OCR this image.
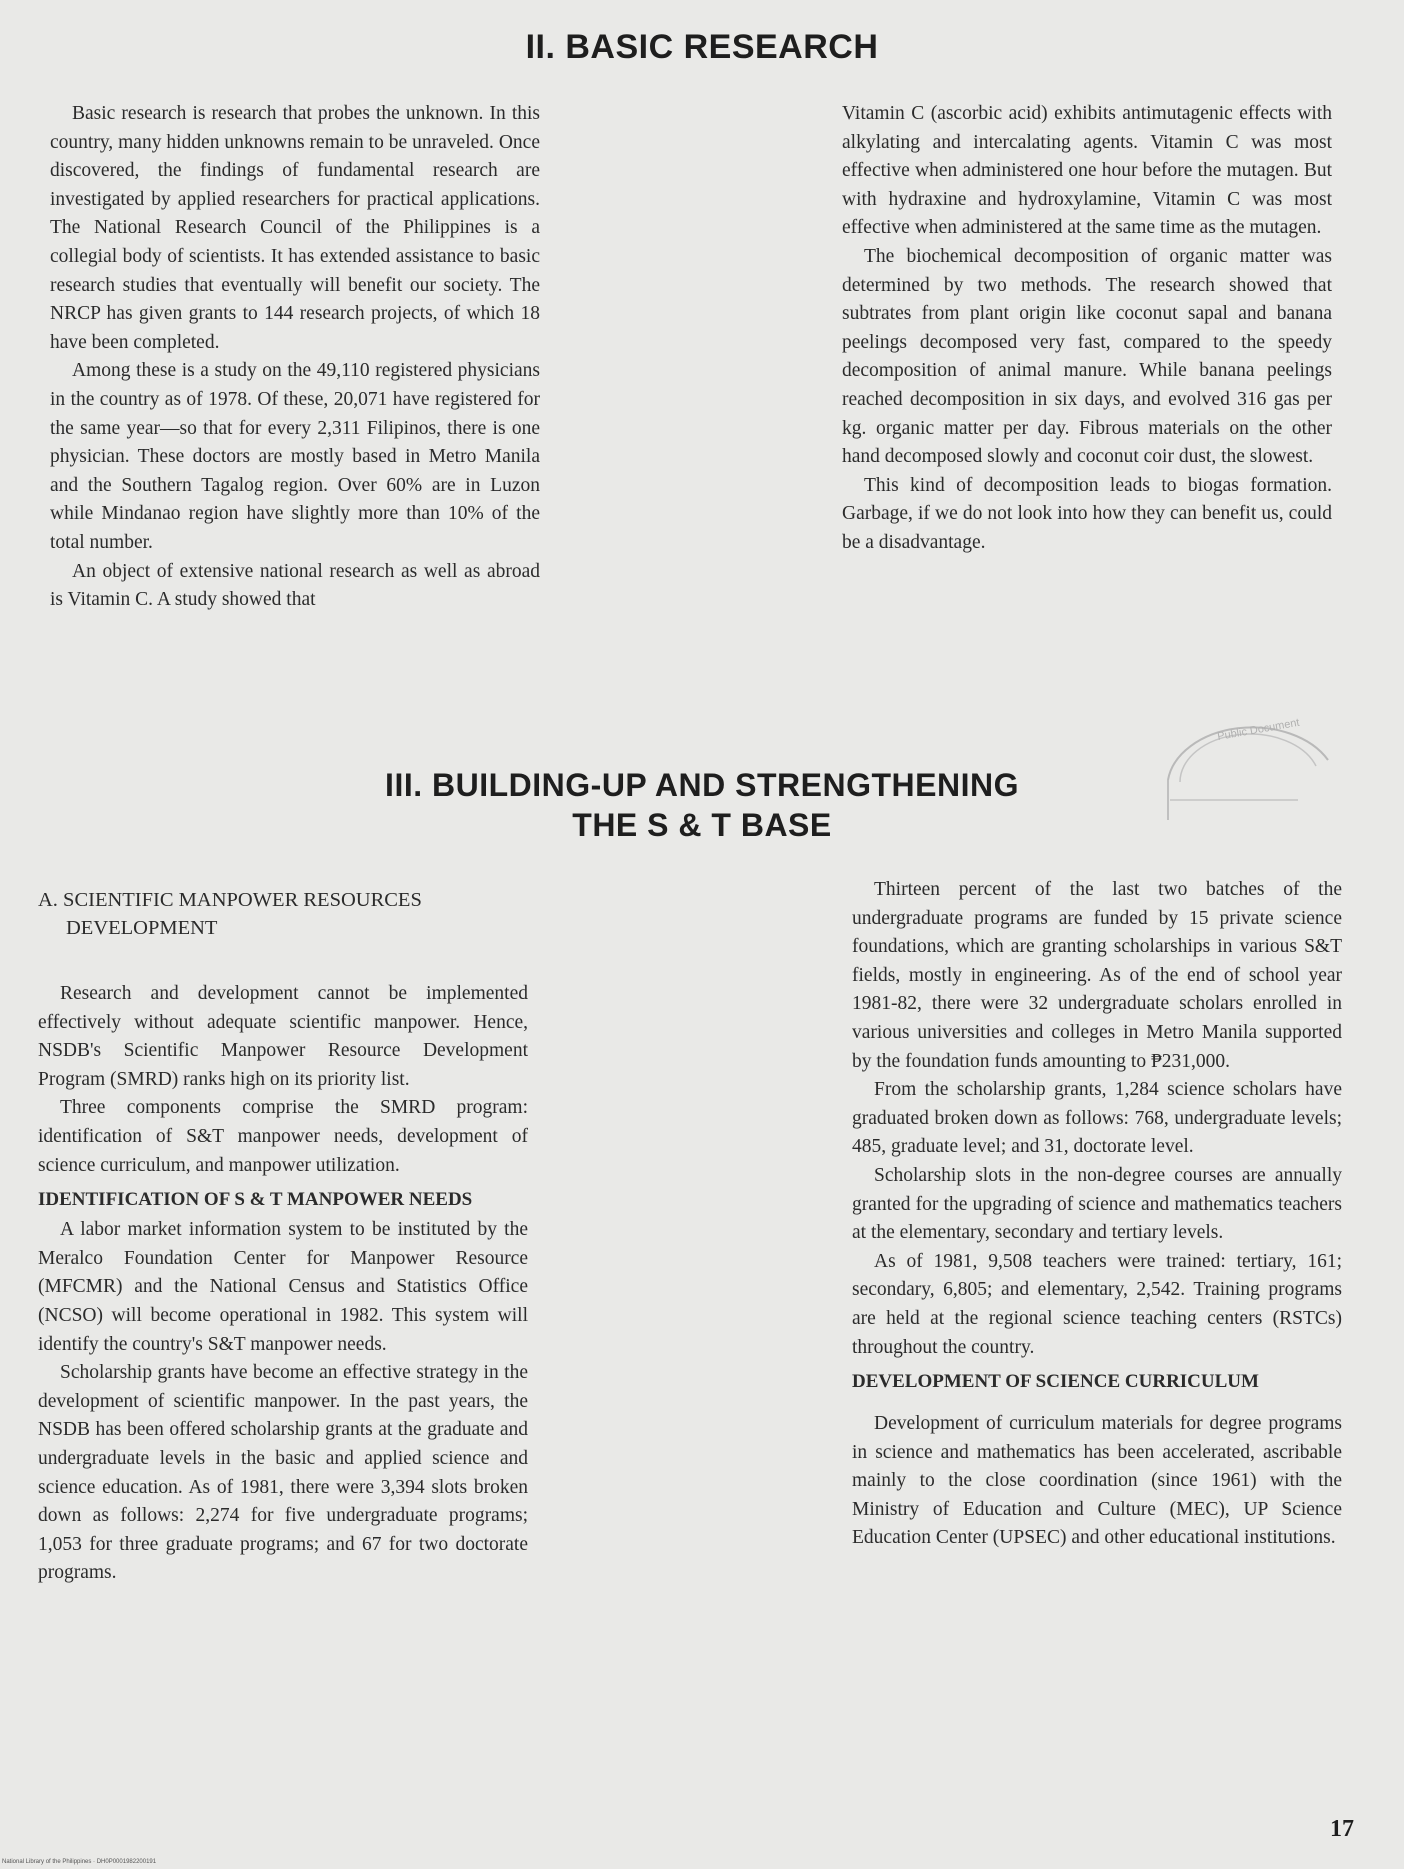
II. BASIC RESEARCH

Basic research is research that probes the unknown. In this country, many hidden unknowns remain to be unraveled. Once discovered, the findings of fundamental research are investigated by applied researchers for practical applications. The National Research Council of the Philippines is a collegial body of scientists. It has extended assistance to basic research studies that eventually will benefit our society. The NRCP has given grants to 144 research projects, of which 18 have been completed.

Among these is a study on the 49,110 registered physicians in the country as of 1978. Of these, 20,071 have registered for the same year—so that for every 2,311 Filipinos, there is one physician. These doctors are mostly based in Metro Manila and the Southern Tagalog region. Over 60% are in Luzon while Mindanao region have slightly more than 10% of the total number.

An object of extensive national research as well as abroad is Vitamin C. A study showed that

Vitamin C (ascorbic acid) exhibits antimutagenic effects with alkylating and intercalating agents. Vitamin C was most effective when administered one hour before the mutagen. But with hydraxine and hydroxylamine, Vitamin C was most effective when administered at the same time as the mutagen.

The biochemical decomposition of organic matter was determined by two methods. The research showed that subtrates from plant origin like coconut sapal and banana peelings decomposed very fast, compared to the speedy decomposition of animal manure. While banana peelings reached decomposition in six days, and evolved 316 gas per kg. organic matter per day. Fibrous materials on the other hand decomposed slowly and coconut coir dust, the slowest.

This kind of decomposition leads to biogas formation. Garbage, if we do not look into how they can benefit us, could be a disadvantage.

Public Document
III. BUILDING-UP AND STRENGTHENING
THE S & T BASE
A. SCIENTIFIC MANPOWER RESOURCES
DEVELOPMENT

Research and development cannot be implemented effectively without adequate scientific manpower. Hence, NSDB's Scientific Manpower Resource Development Program (SMRD) ranks high on its priority list.

Three components comprise the SMRD program: identification of S&T manpower needs, development of science curriculum, and manpower utilization.

IDENTIFICATION OF S & T MANPOWER NEEDS

A labor market information system to be instituted by the Meralco Foundation Center for Manpower Resource (MFCMR) and the National Census and Statistics Office (NCSO) will become operational in 1982. This system will identify the country's S&T manpower needs.

Scholarship grants have become an effective strategy in the development of scientific manpower. In the past years, the NSDB has been offered scholarship grants at the graduate and undergraduate levels in the basic and applied science and science education. As of 1981, there were 3,394 slots broken down as follows: 2,274 for five undergraduate programs; 1,053 for three graduate programs; and 67 for two doctorate programs.

Thirteen percent of the last two batches of the undergraduate programs are funded by 15 private science foundations, which are granting scholarships in various S&T fields, mostly in engineering. As of the end of school year 1981-82, there were 32 undergraduate scholars enrolled in various universities and colleges in Metro Manila supported by the foundation funds amounting to ₱231,000.

From the scholarship grants, 1,284 science scholars have graduated broken down as follows: 768, undergraduate levels; 485, graduate level; and 31, doctorate level.

Scholarship slots in the non-degree courses are annually granted for the upgrading of science and mathematics teachers at the elementary, secondary and tertiary levels.

As of 1981, 9,508 teachers were trained: tertiary, 161; secondary, 6,805; and elementary, 2,542. Training programs are held at the regional science teaching centers (RSTCs) throughout the country.

DEVELOPMENT OF SCIENCE CURRICULUM

Development of curriculum materials for degree programs in science and mathematics has been accelerated, ascribable mainly to the close coordination (since 1961) with the Ministry of Education and Culture (MEC), UP Science Education Center (UPSEC) and other educational institutions.

17
National Library of the Philippines · DH0P0001982200191
